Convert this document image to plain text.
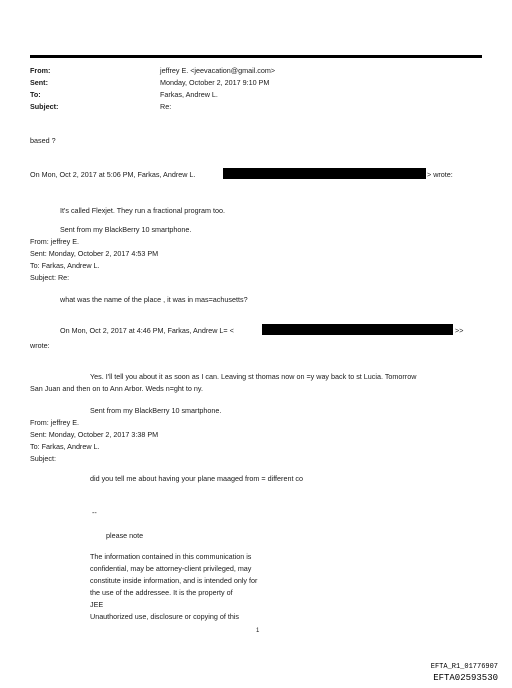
From:	jeffrey E. <jeevacation@gmail.com>
Sent:	Monday, October 2, 2017 9:10 PM
To:	Farkas, Andrew L.
Subject:	Re:
based ?
On Mon, Oct 2, 2017 at 5:06 PM, Farkas, Andrew L.	> wrote:
It's called Flexjet. They run a fractional program too.
Sent from my BlackBerry 10 smartphone.
From: jeffrey E.
Sent: Monday, October 2, 2017 4:53 PM
To: Farkas, Andrew L.
Subject: Re:
what was the name of the place , it was in mas=achusetts?
On Mon, Oct 2, 2017 at 4:46 PM, Farkas, Andrew L= <	>>
wrote:
Yes. I'll tell you about it as soon as I can. Leaving st thomas now on =y way back to st Lucia. Tomorrow
San Juan and then on to Ann Arbor. Weds n=ght to ny.
Sent from my BlackBerry 10 smartphone.
From: jeffrey E.
Sent: Monday, October 2, 2017 3:38 PM
To: Farkas, Andrew L.
Subject:
did you tell me about having your plane maaged from = different co
--
please note
The information contained in this communication is
confidential, may be attorney-client privileged, may
constitute inside information, and is intended only for
the use of the addressee. It is the property of
JEE
Unauthorized use, disclosure or copying of this
1
EFTA_R1_01776907
EFTA02593530
